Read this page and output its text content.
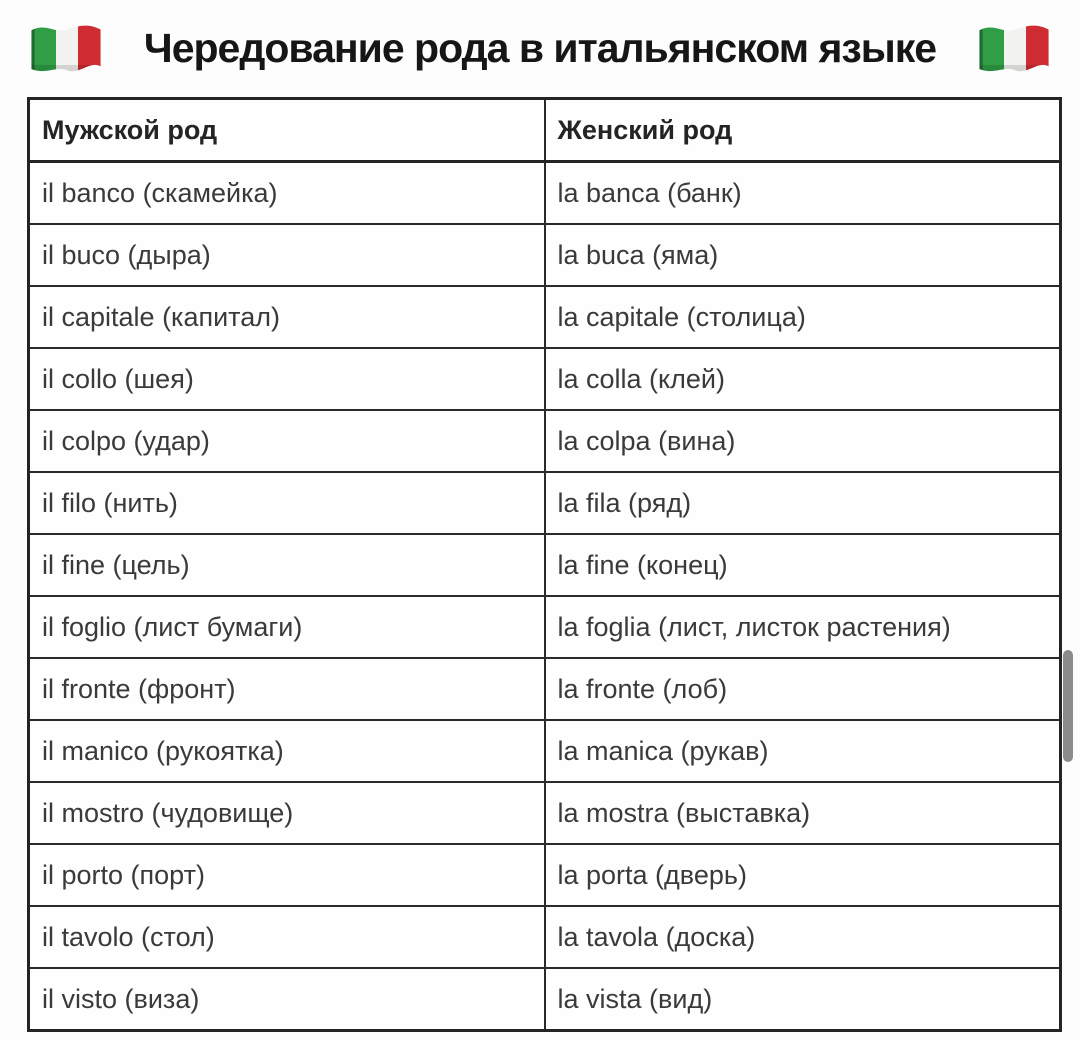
Чередование рода в итальянском языке
Мужской род	Женский род
il banco (скамейка)	la banca (банк)
il buco (дыра)	la buca (яма)
il capitale (капитал)	la capitale (столица)
il collo (шея)	la colla (клей)
il colpo (удар)	la colpa (вина)
il filo (нить)	la fila (ряд)
il fine (цель)	la fine (конец)
il foglio (лист бумаги)	la foglia (лист, листок растения)
il fronte (фронт)	la fronte (лоб)
il manico (рукоятка)	la manica (рукав)
il mostro (чудовище)	la mostra (выставка)
il porto (порт)	la porta (дверь)
il tavolo (стол)	la tavola (доска)
il visto (виза)	la vista (вид)
